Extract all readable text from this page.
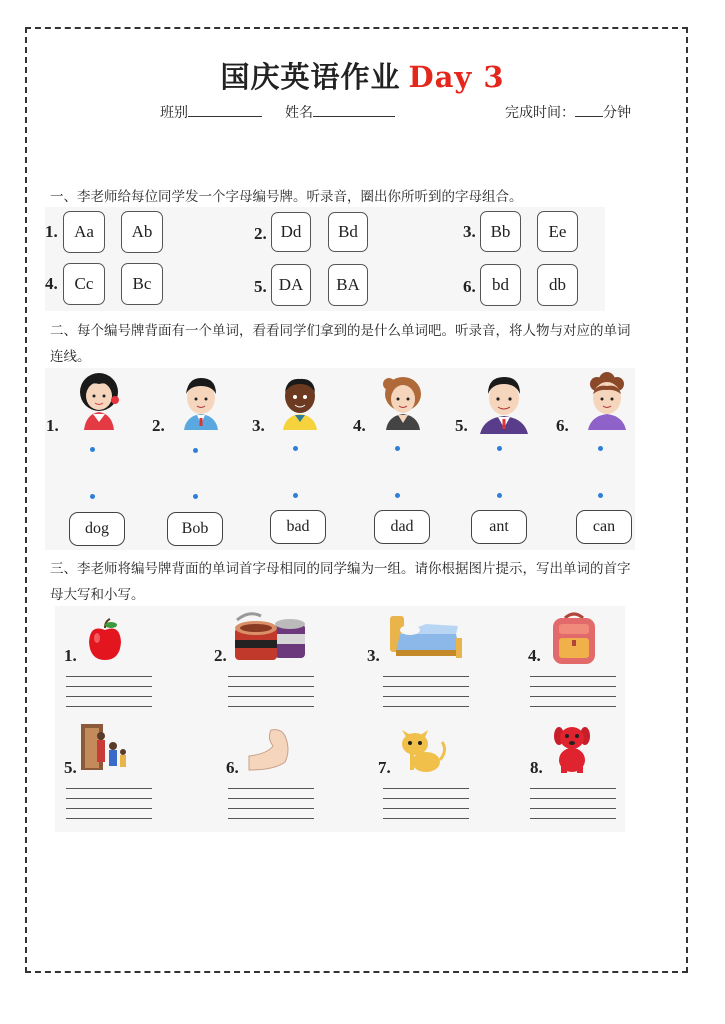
国庆英语作业 Day 3
班别	姓名	完成时间： 分钟
一、李老师给每位同学发一个字母编号牌。听录音，圈出你所听到的字母组合。
1. Aa	Ab	2. Dd	Bd	3. Bb	Ee
4. Cc	Bc	5. DA	BA	6. bd	db
二、每个编号牌背面有一个单词，看看同学们拿到的是什么单词吧。听录音，将人物与对应的单词
连线。
1.	2.	3.	4.	5.	6.
dog	Bob	bad	dad	ant	can
三、李老师将编号牌背面的单词首字母相同的同学编为一组。请你根据图片提示，写出单词的首字
母大写和小写。
1.	2.	3.	4.
5.	6.	7.	8.
